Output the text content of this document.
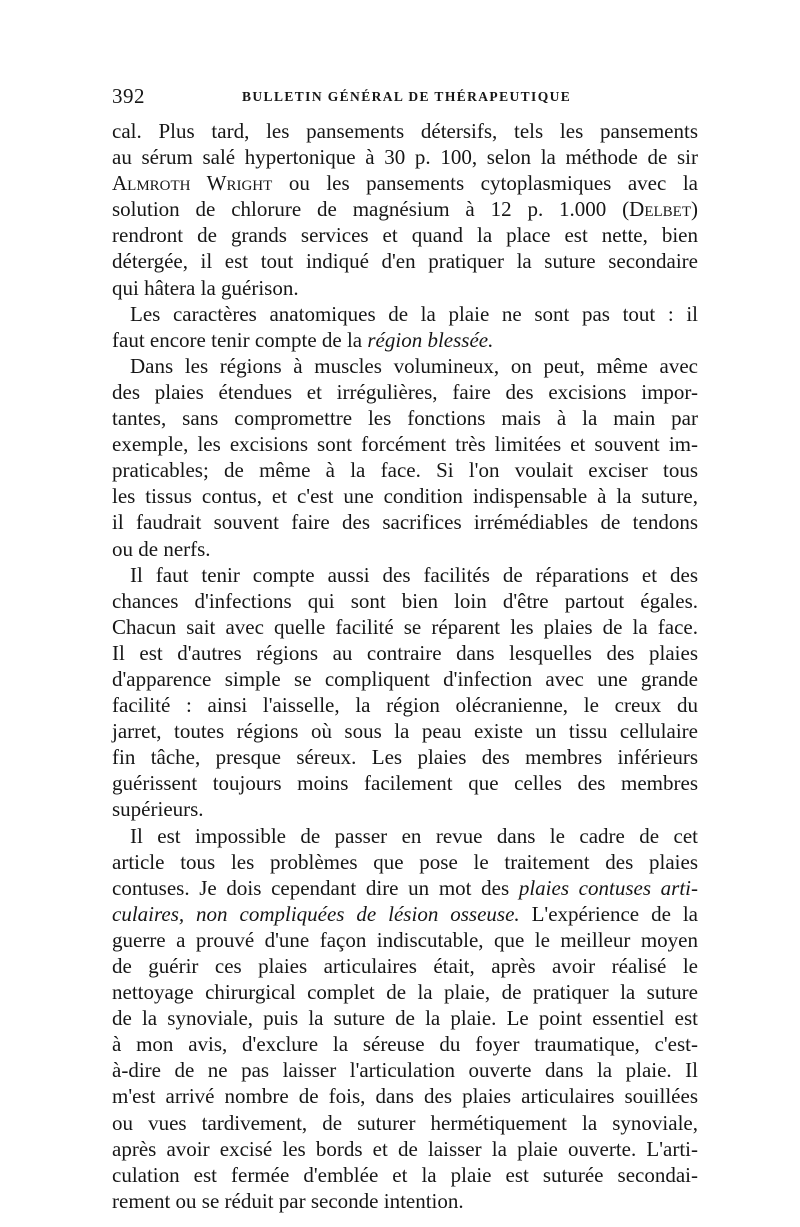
392	BULLETIN GÉNÉRAL DE THÉRAPEUTIQUE
cal. Plus tard, les pansements détersifs, tels les pansements
au sérum salé hypertonique à 30 p. 100, selon la méthode de sir
Almroth Wright ou les pansements cytoplasmiques avec la
solution de chlorure de magnésium à 12 p. 1.000 (Delbet)
rendront de grands services et quand la place est nette, bien
détergée, il est tout indiqué d'en pratiquer la suture secondaire
qui hâtera la guérison.
Les caractères anatomiques de la plaie ne sont pas tout : il
faut encore tenir compte de la région blessée.
Dans les régions à muscles volumineux, on peut, même avec
des plaies étendues et irrégulières, faire des excisions impor-
tantes, sans compromettre les fonctions mais à la main par
exemple, les excisions sont forcément très limitées et souvent im-
praticables; de même à la face. Si l'on voulait exciser tous
les tissus contus, et c'est une condition indispensable à la suture,
il faudrait souvent faire des sacrifices irrémédiables de tendons
ou de nerfs.
Il faut tenir compte aussi des facilités de réparations et des
chances d'infections qui sont bien loin d'être partout égales.
Chacun sait avec quelle facilité se réparent les plaies de la face.
Il est d'autres régions au contraire dans lesquelles des plaies
d'apparence simple se compliquent d'infection avec une grande
facilité : ainsi l'aisselle, la région olécranienne, le creux du
jarret, toutes régions où sous la peau existe un tissu cellulaire
fin tâche, presque séreux. Les plaies des membres inférieurs
guérissent toujours moins facilement que celles des membres
supérieurs.
Il est impossible de passer en revue dans le cadre de cet
article tous les problèmes que pose le traitement des plaies
contuses. Je dois cependant dire un mot des plaies contuses arti-
culaires, non compliquées de lésion osseuse. L'expérience de la
guerre a prouvé d'une façon indiscutable, que le meilleur moyen
de guérir ces plaies articulaires était, après avoir réalisé le
nettoyage chirurgical complet de la plaie, de pratiquer la suture
de la synoviale, puis la suture de la plaie. Le point essentiel est
à mon avis, d'exclure la séreuse du foyer traumatique, c'est-
à-dire de ne pas laisser l'articulation ouverte dans la plaie. Il
m'est arrivé nombre de fois, dans des plaies articulaires souillées
ou vues tardivement, de suturer hermétiquement la synoviale,
après avoir excisé les bords et de laisser la plaie ouverte. L'arti-
culation est fermée d'emblée et la plaie est suturée secondai-
rement ou se réduit par seconde intention.
